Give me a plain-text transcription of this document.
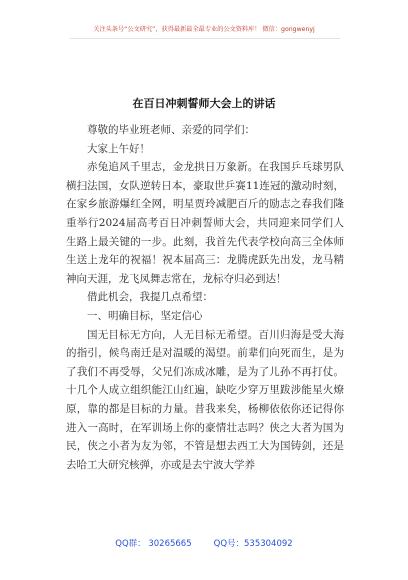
关注头条号“公文研究”，获得最新最全最专业的公文资料库！ 微信：gongwenyj
在百日冲刺誓师大会上的讲话

尊敬的毕业班老师、亲爱的同学们：

大家上午好！

赤兔追风千里志，金龙拱日万象新。在我国乒乓球男队横扫法国，女队逆转日本，豪取世乒赛11连冠的激动时刻，在家乡旅游爆红全网，明星贾玲减肥百斤的励志之春我们隆重举行2024届高考百日冲刺誓师大会，共同迎来同学们人生路上最关键的一步。此刻，我首先代表学校向高三全体师生送上龙年的祝福！祝本届高三：龙腾虎跃先出发，龙马精神向天涯，龙飞凤舞志常在，龙标夺归必到达！

借此机会，我提几点希望：

一、明确目标，坚定信心

国无目标无方向，人无目标无希望。百川归海是受大海的指引，候鸟南迁是对温暖的渴望。前辈们向死而生，是为了我们不再受辱，父兄们冻成冰雕，是为了儿孙不再打仗。十几个人成立组织能江山红遍，缺吃少穿万里跋涉能星火燎原，靠的都是目标的力量。昔我来矣，杨柳依依你还记得你进入一高时，在军训场上你的豪情壮志吗？侠之大者为国为民，侠之小者为友为邻，不管是想去西工大为国铸剑，还是去哈工大研究核弹，亦或是去宁波大学养

QQ群： 30265665	QQ号：535304092
